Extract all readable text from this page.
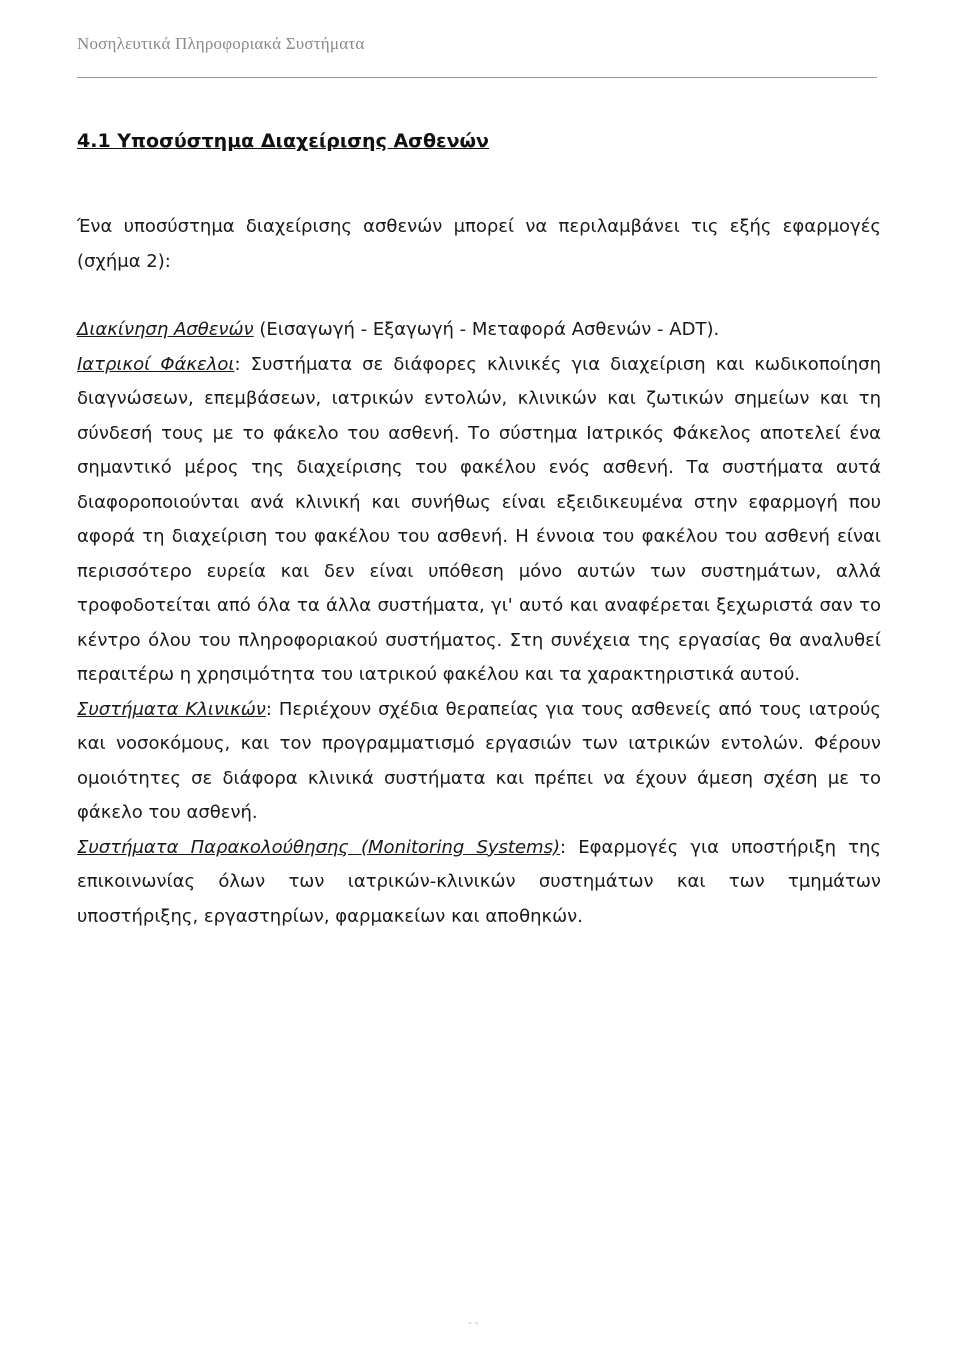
Νοσηλευτικά Πληροφοριακά Συστήματα
4.1 Υποσύστημα Διαχείρισης Ασθενών
Ένα υποσύστημα διαχείρισης ασθενών μπορεί να περιλαμβάνει τις εξής εφαρμογές (σχήμα 2):
Διακίνηση Ασθενών (Εισαγωγή - Εξαγωγή - Μεταφορά Ασθενών - ADT).
Ιατρικοί Φάκελοι: Συστήματα σε διάφορες κλινικές για διαχείριση και κωδικοποίηση διαγνώσεων, επεμβάσεων, ιατρικών εντολών, κλινικών και ζωτικών σημείων και τη σύνδεσή τους με το φάκελο του ασθενή. Το σύστημα Ιατρικός Φάκελος αποτελεί ένα σημαντικό μέρος της διαχείρισης του φακέλου ενός ασθενή. Τα συστήματα αυτά διαφοροποιούνται ανά κλινική και συνήθως είναι εξειδικευμένα στην εφαρμογή που αφορά τη διαχείριση του φακέλου του ασθενή. Η έννοια του φακέλου του ασθενή είναι περισσότερο ευρεία και δεν είναι υπόθεση μόνο αυτών των συστημάτων, αλλά τροφοδοτείται από όλα τα άλλα συστήματα, γι' αυτό και αναφέρεται ξεχωριστά σαν το κέντρο όλου του πληροφοριακού συστήματος. Στη συνέχεια της εργασίας θα αναλυθεί περαιτέρω η χρησιμότητα του ιατρικού φακέλου και τα χαρακτηριστικά αυτού.
Συστήματα Κλινικών: Περιέχουν σχέδια θεραπείας για τους ασθενείς από τους ιατρούς και νοσοκόμους, και τον προγραμματισμό εργασιών των ιατρικών εντολών. Φέρουν ομοιότητες σε διάφορα κλινικά συστήματα και πρέπει να έχουν άμεση σχέση με το φάκελο του ασθενή.
Συστήματα Παρακολούθησης (Monitoring Systems): Εφαρμογές για υποστήριξη της επικοινωνίας όλων των ιατρικών-κλινικών συστημάτων και των τμημάτων υποστήριξης, εργαστηρίων, φαρμακείων και αποθηκών.
- -
